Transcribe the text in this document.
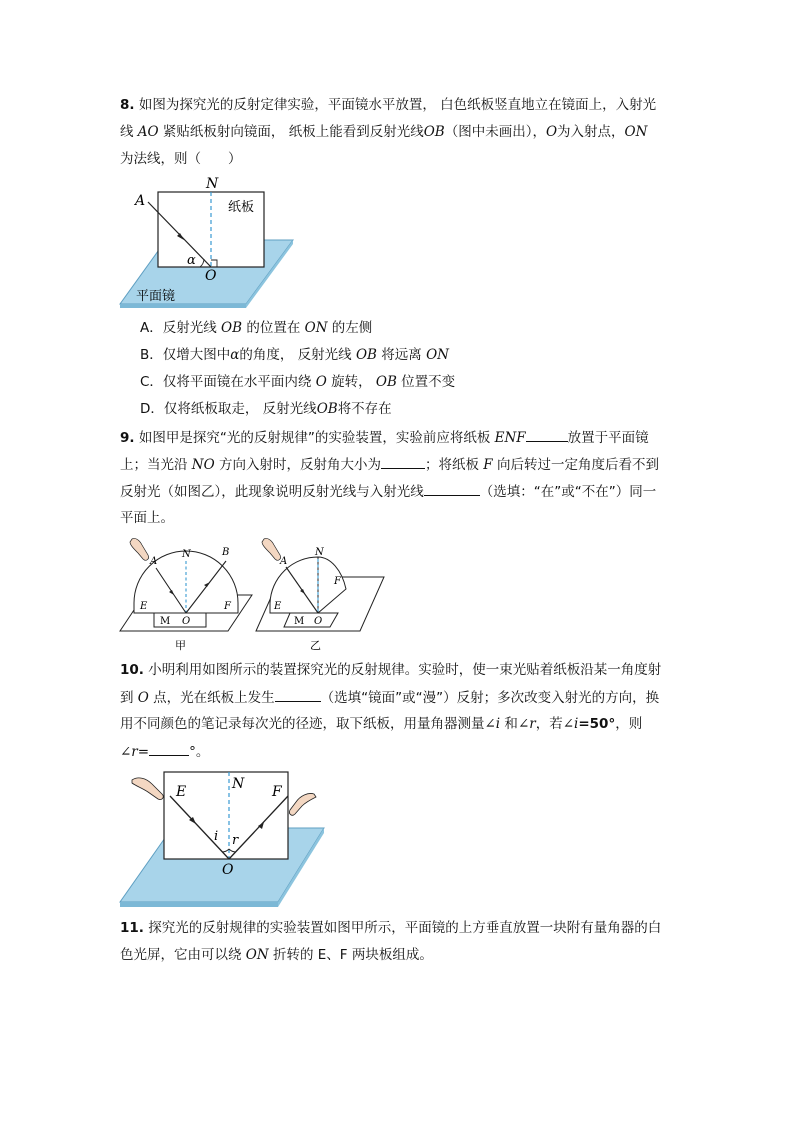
8. 如图为探究光的反射定律实验，平面镜水平放置， 白色纸板竖直地立在镜面上，入射光
线 AO 紧贴纸板射向镜面， 纸板上能看到反射光线OB（图中未画出），O为入射点，ON
为法线，则（　　）
A
N
纸板
α
O
平面镜
A．反射光线 OB 的位置在 ON 的左侧
B．仅增大图中α的角度， 反射光线 OB 将远离 ON
C．仅将平面镜在水平面内绕 O 旋转， OB 位置不变
D．仅将纸板取走， 反射光线OB将不存在
9. 如图甲是探究“光的反射规律”的实验装置，实验前应将纸板 ENF	放置于平面镜
上；当光沿 NO 方向入射时，反射角大小为	；将纸板 F 向后转过一定角度后看不到
反射光（如图乙），此现象说明反射光线与入射光线	（选填：“在”或“不在”）同一
平面上。
A
N	B
E	F
O
M
甲
A
N
F
E
O
M
乙
10. 小明利用如图所示的装置探究光的反射规律。实验时，使一束光贴着纸板沿某一角度射
到 O 点，光在纸板上发生	（选填“镜面”或“漫”）反射；多次改变入射光的方向，换
用不同颜色的笔记录每次光的径迹，取下纸板，用量角器测量∠i 和∠r，若∠i=50°，则
∠r=	°。
E	N F
i r
O
11. 探究光的反射规律的实验装置如图甲所示，平面镜的上方垂直放置一块附有量角器的白
色光屏，它由可以绕 ON 折转的 E、F 两块板组成。
